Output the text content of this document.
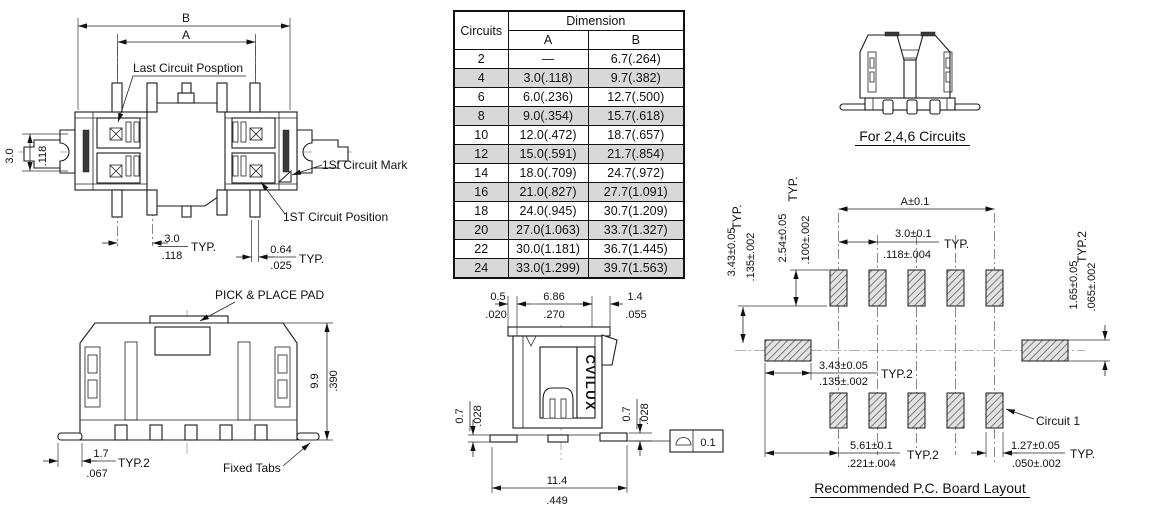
B
A
Last Circuit Posption
1St Circuit Mark
1ST Circuit Position
3.0 .118
3.0
.118
TYP.	0.64
.025 TYP.
Circuits	Dimension	
	A	B
2	—	6.7(.264)
4	3.0(.118)	9.7(.382)
6	6.0(.236)	12.7(.500)
8	9.0(.354)	15.7(.618)
10	12.0(.472)	18.7(.657)
12	15.0(.591)	21.7(.854)
14	18.0(.709)	24.7(.972)
16	21.0(.827)	27.7(1.091)
18	24.0(.945)	30.7(1.209)
20	27.0(1.063)	33.7(1.327)
22	30.0(1.181)	36.7(1.445)
24	33.0(1.299)	39.7(1.563)
For 2,4,6 Circuits
PICK & PLACE PAD
9.9 .390
1.7
.067
TYP.2	Fixed Tabs
CVILUX
0.5
.020
6.86
.270
1.4
.055
0.7 .028	0.7 .028
11.4
.449
0.1
A±0.1
3.0±0.1
.118±.004
TYP.
2.54±0.05 .100±.002
TYP.
3.43±0.05 .135±.002
TYP.
1.65±0.05 .065±.002
TYP.2
3.43±0.05
.135±.002
TYP.2
5.61±0.1
.221±.004
TYP.2
1.27±0.05
.050±.002
TYP.
Circuit 1
Recommended P.C. Board Layout
